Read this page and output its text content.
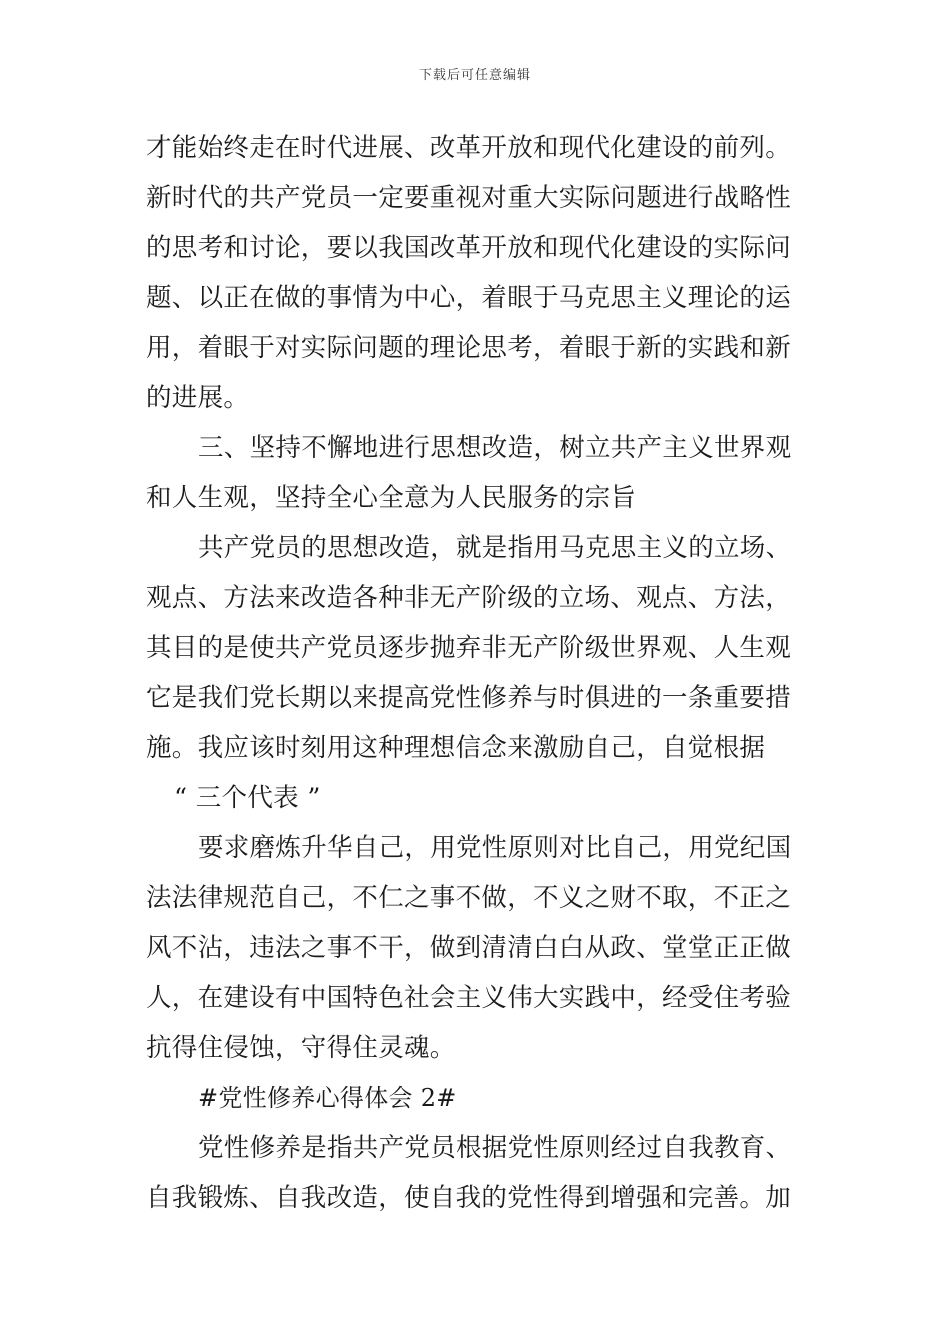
下载后可任意编辑
才能始终走在时代进展、改革开放和现代化建设的前列。
新时代的共产党员一定要重视对重大实际问题进行战略性
的思考和讨论，要以我国改革开放和现代化建设的实际问
题、以正在做的事情为中心，着眼于马克思主义理论的运
用，着眼于对实际问题的理论思考，着眼于新的实践和新
的进展。
三、坚持不懈地进行思想改造，树立共产主义世界观
和人生观，坚持全心全意为人民服务的宗旨
共产党员的思想改造，就是指用马克思主义的立场、
观点、方法来改造各种非无产阶级的立场、观点、方法，
其目的是使共产党员逐步抛弃非无产阶级世界观、人生观
它是我们党长期以来提高党性修养与时俱进的一条重要措
施。我应该时刻用这种理想信念来激励自己，自觉根据
“ 三个代表 ”
要求磨炼升华自己，用党性原则对比自己，用党纪国
法法律规范自己，不仁之事不做，不义之财不取，不正之
风不沾，违法之事不干，做到清清白白从政、堂堂正正做
人，在建设有中国特色社会主义伟大实践中，经受住考验
抗得住侵蚀，守得住灵魂。
#党性修养心得体会 2#
党性修养是指共产党员根据党性原则经过自我教育、
自我锻炼、自我改造，使自我的党性得到增强和完善。加
